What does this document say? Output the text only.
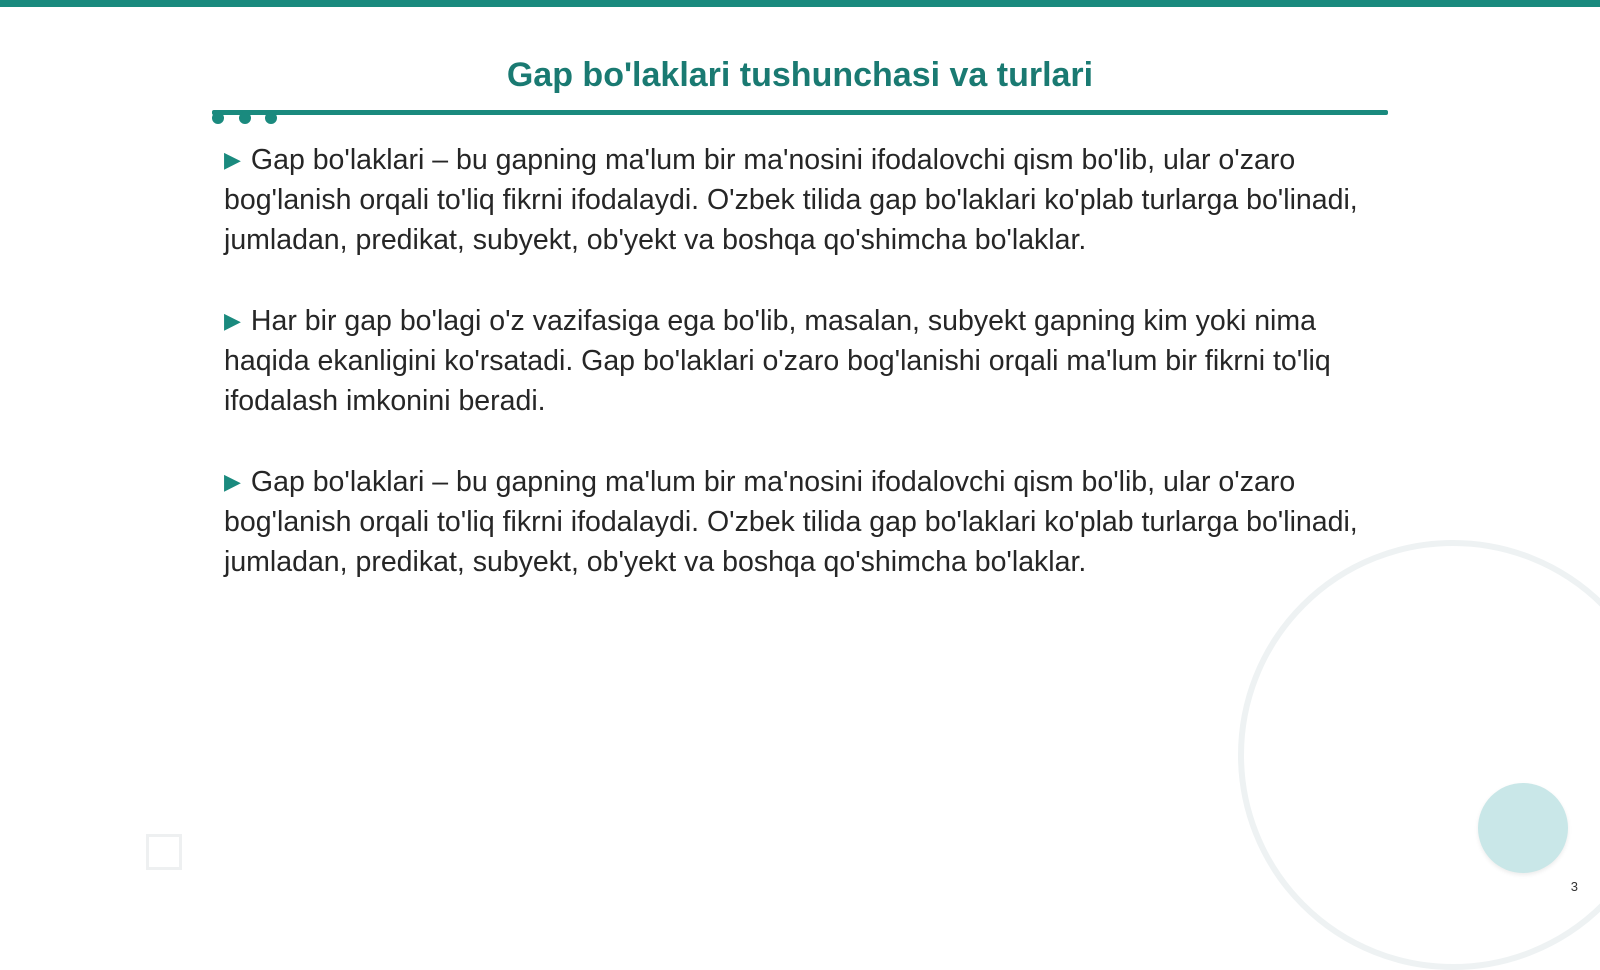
Gap bo'laklari tushunchasi va turlari

▶ Gap bo'laklari – bu gapning ma'lum bir ma'nosini ifodalovchi qism bo'lib, ular o'zaro bog'lanish orqali to'liq fikrni ifodalaydi. O'zbek tilida gap bo'laklari ko'plab turlarga bo'linadi, jumladan, predikat, subyekt, ob'yekt va boshqa qo'shimcha bo'laklar.

▶ Har bir gap bo'lagi o'z vazifasiga ega bo'lib, masalan, subyekt gapning kim yoki nima haqida ekanligini ko'rsatadi. Gap bo'laklari o'zaro bog'lanishi orqali ma'lum bir fikrni to'liq ifodalash imkonini beradi.

▶ Gap bo'laklari – bu gapning ma'lum bir ma'nosini ifodalovchi qism bo'lib, ular o'zaro bog'lanish orqali to'liq fikrni ifodalaydi. O'zbek tilida gap bo'laklari ko'plab turlarga bo'linadi, jumladan, predikat, subyekt, ob'yekt va boshqa qo'shimcha bo'laklar.

3
